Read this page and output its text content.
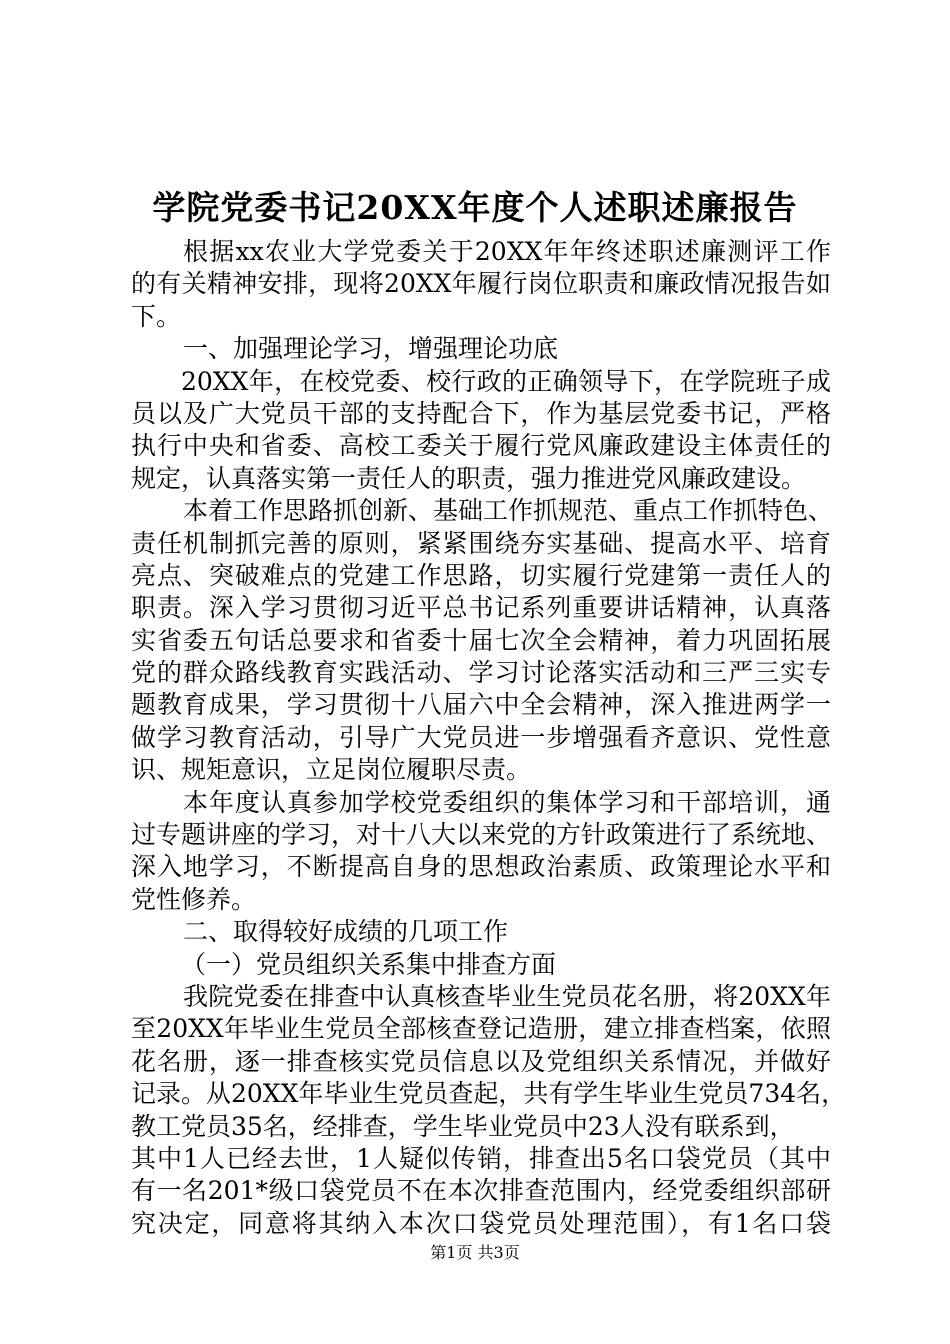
学院党委书记20XX年度个人述职述廉报告
根据xx农业大学党委关于20XX年年终述职述廉测评工作
的有关精神安排，现将20XX年履行岗位职责和廉政情况报告如
下。
一、加强理论学习，增强理论功底
20XX年，在校党委、校行政的正确领导下，在学院班子成
员以及广大党员干部的支持配合下，作为基层党委书记，严格
执行中央和省委、高校工委关于履行党风廉政建设主体责任的
规定，认真落实第一责任人的职责，强力推进党风廉政建设。
本着工作思路抓创新、基础工作抓规范、重点工作抓特色、
责任机制抓完善的原则，紧紧围绕夯实基础、提高水平、培育
亮点、突破难点的党建工作思路，切实履行党建第一责任人的
职责。深入学习贯彻习近平总书记系列重要讲话精神，认真落
实省委五句话总要求和省委十届七次全会精神，着力巩固拓展
党的群众路线教育实践活动、学习讨论落实活动和三严三实专
题教育成果，学习贯彻十八届六中全会精神，深入推进两学一
做学习教育活动，引导广大党员进一步增强看齐意识、党性意
识、规矩意识，立足岗位履职尽责。
本年度认真参加学校党委组织的集体学习和干部培训，通
过专题讲座的学习，对十八大以来党的方针政策进行了系统地、
深入地学习，不断提高自身的思想政治素质、政策理论水平和
党性修养。
二、取得较好成绩的几项工作
（一）党员组织关系集中排查方面
我院党委在排查中认真核查毕业生党员花名册，将20XX年
至20XX年毕业生党员全部核查登记造册，建立排查档案，依照
花名册，逐一排查核实党员信息以及党组织关系情况，并做好
记录。从20XX年毕业生党员查起，共有学生毕业生党员734名，
教工党员35名，经排查，学生毕业党员中23人没有联系到，
其中1人已经去世，1人疑似传销，排查出5名口袋党员（其中
有一名201*级口袋党员不在本次排查范围内，经党委组织部研
究决定，同意将其纳入本次口袋党员处理范围），有1名口袋
第1页 共3页
